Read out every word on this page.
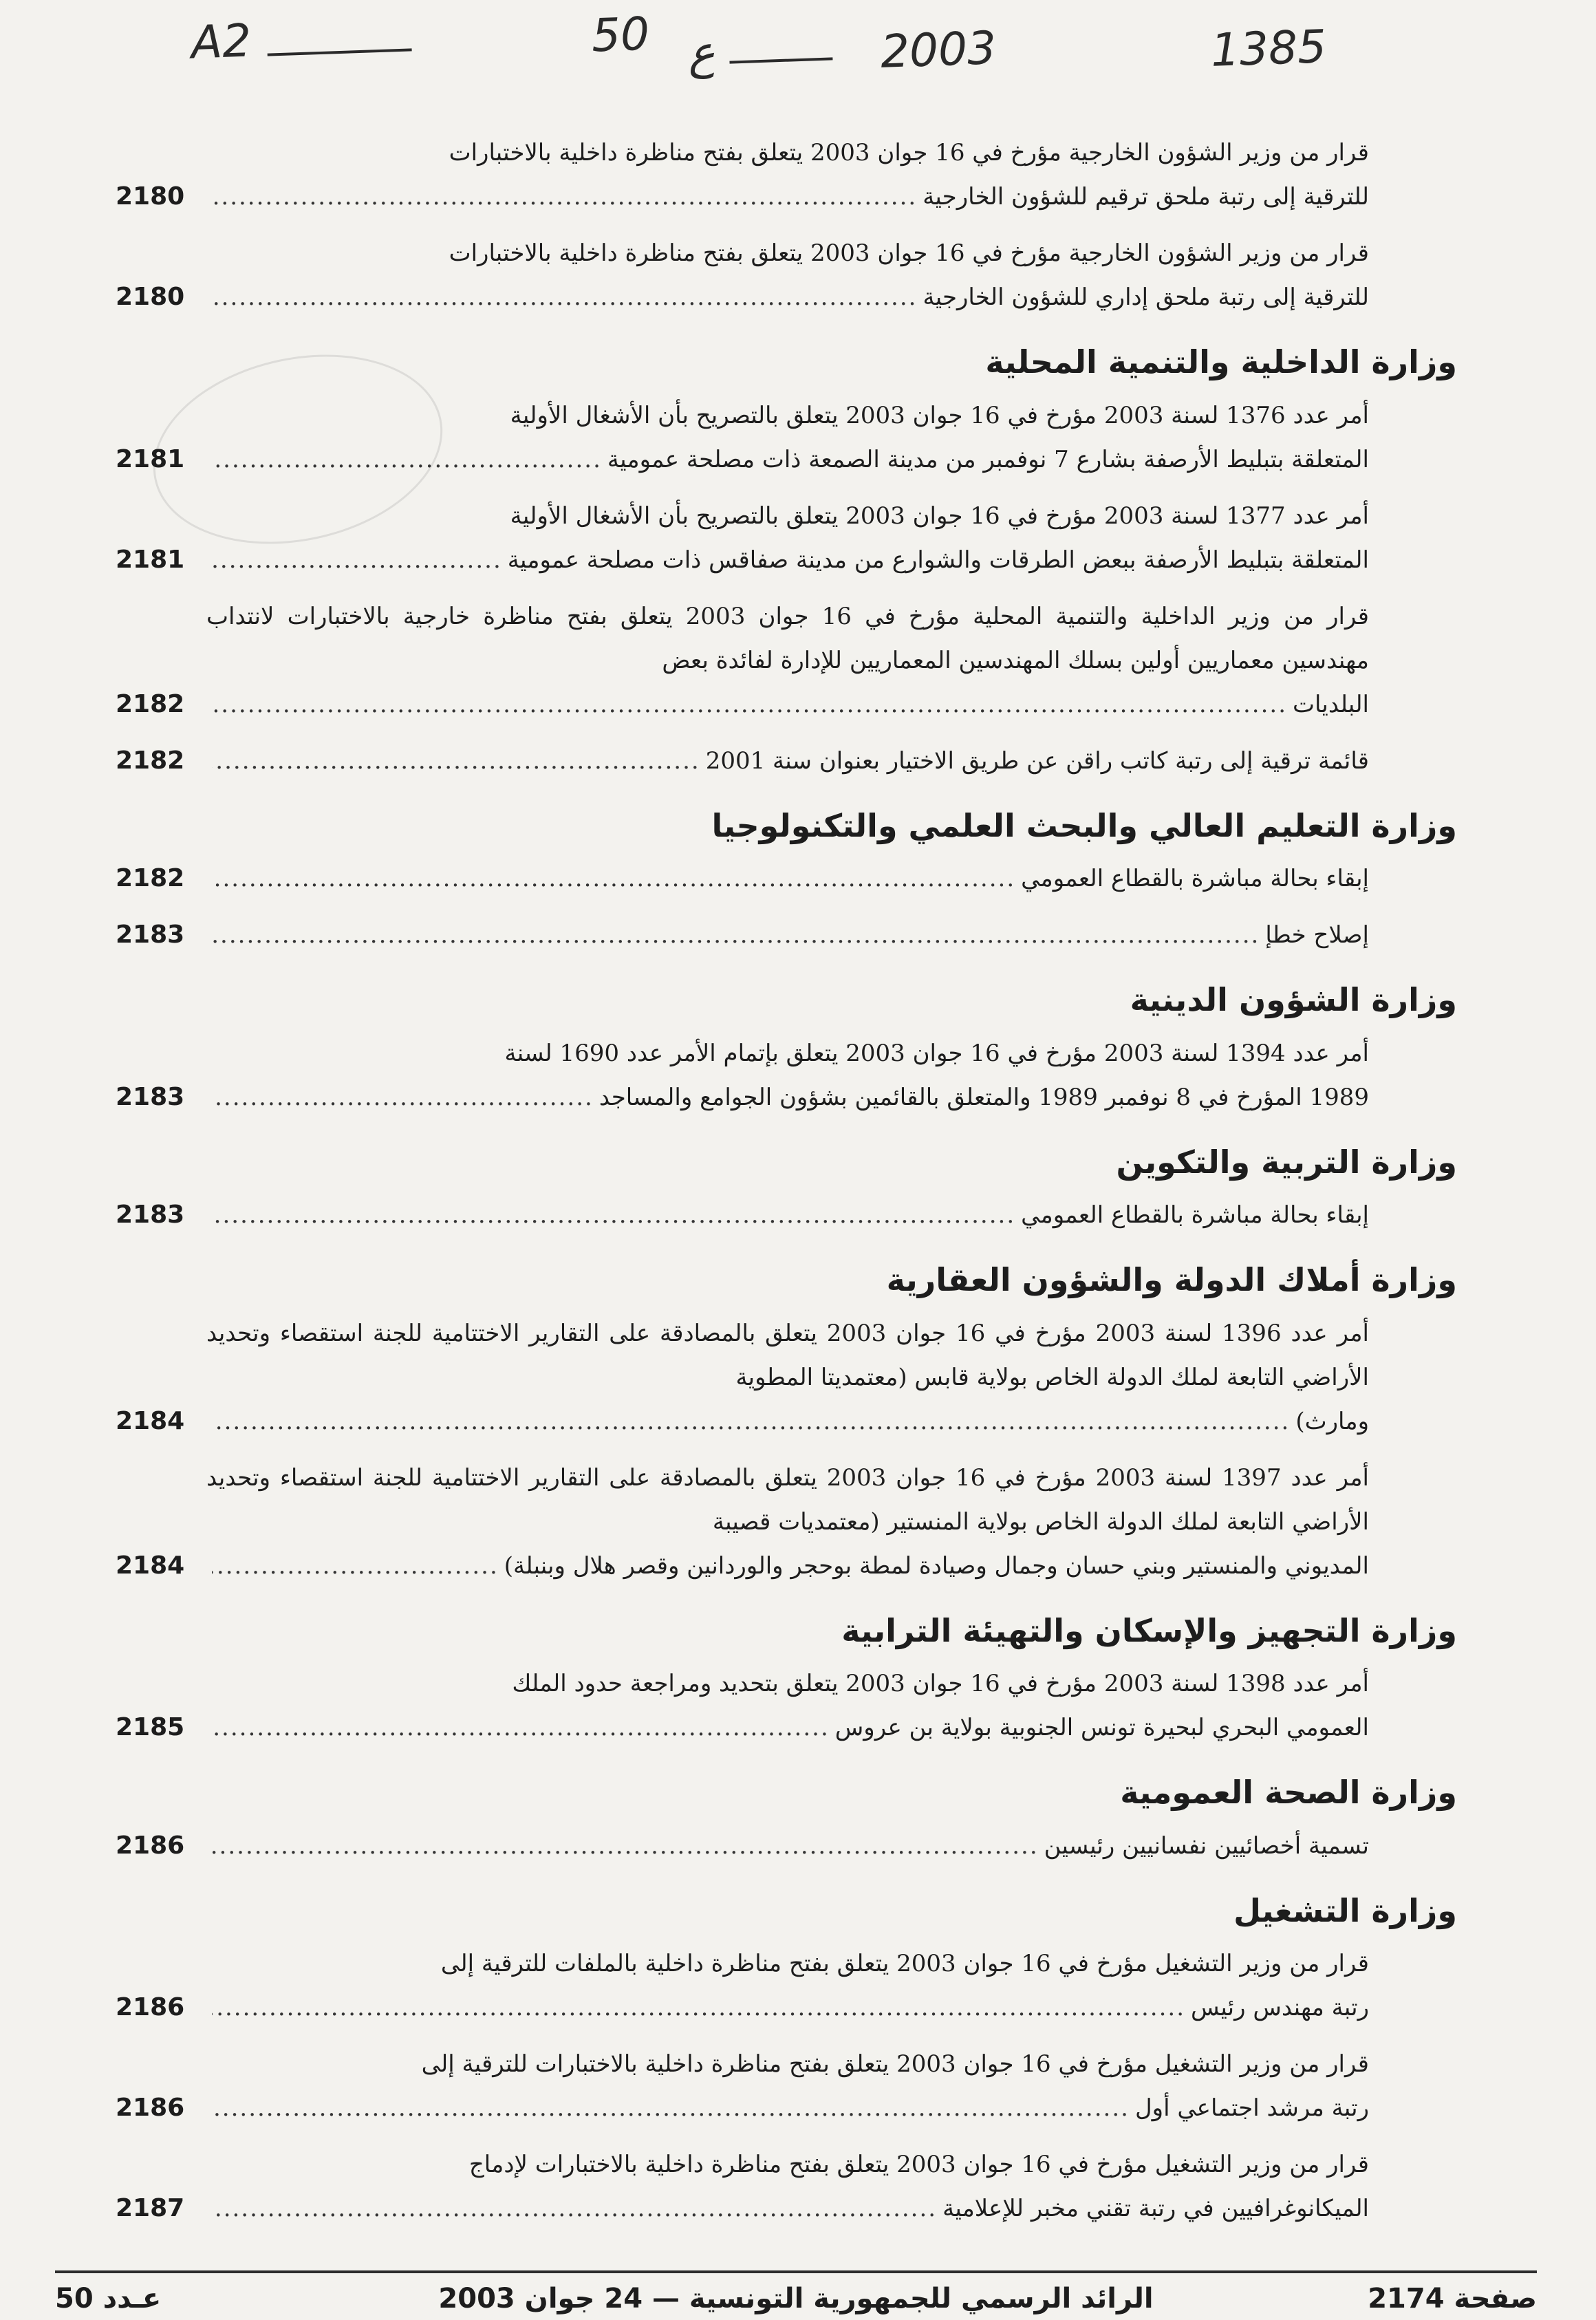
A2	50 ع	2003	1385
قرار من وزير الشؤون الخارجية مؤرخ في 16 جوان 2003 يتعلق بفتح مناظرة داخلية بالاختبارات
للترقية إلى رتبة ملحق ترقيم للشؤون الخارجية
.....
2180
قرار من وزير الشؤون الخارجية مؤرخ في 16 جوان 2003 يتعلق بفتح مناظرة داخلية بالاختبارات
للترقية إلى رتبة ملحق إداري للشؤون الخارجية
.....
2180
وزارة الداخلية والتنمية المحلية
أمر عدد 1376 لسنة 2003 مؤرخ في 16 جوان 2003 يتعلق بالتصريح بأن الأشغال الأولية
المتعلقة بتبليط الأرصفة بشارع 7 نوفمبر من مدينة الصمعة ذات مصلحة عمومية
.....
2181
أمر عدد 1377 لسنة 2003 مؤرخ في 16 جوان 2003 يتعلق بالتصريح بأن الأشغال الأولية
المتعلقة بتبليط الأرصفة ببعض الطرقات والشوارع من مدينة صفاقس ذات مصلحة عمومية
.....
2181
قرار من وزير الداخلية والتنمية المحلية مؤرخ في 16 جوان 2003 يتعلق بفتح مناظرة خارجية بالاختبارات لانتداب مهندسين معماريين أولين بسلك المهندسين المعماريين للإدارة لفائدة بعض
البلديات
.....
2182
قائمة ترقية إلى رتبة كاتب راقن عن طريق الاختيار بعنوان سنة 2001
.....
2182
وزارة التعليم العالي والبحث العلمي والتكنولوجيا
إبقاء بحالة مباشرة بالقطاع العمومي
.....
2182
إصلاح خطإ
.....
2183
وزارة الشؤون الدينية
أمر عدد 1394 لسنة 2003 مؤرخ في 16 جوان 2003 يتعلق بإتمام الأمر عدد 1690 لسنة
1989 المؤرخ في 8 نوفمبر 1989 والمتعلق بالقائمين بشؤون الجوامع والمساجد
.....
2183
وزارة التربية والتكوين
إبقاء بحالة مباشرة بالقطاع العمومي
.....
2183
وزارة أملاك الدولة والشؤون العقارية
أمر عدد 1396 لسنة 2003 مؤرخ في 16 جوان 2003 يتعلق بالمصادقة على التقارير الاختتامية للجنة استقصاء وتحديد الأراضي التابعة لملك الدولة الخاص بولاية قابس (معتمديتا المطوية
ومارث)
.....
2184
أمر عدد 1397 لسنة 2003 مؤرخ في 16 جوان 2003 يتعلق بالمصادقة على التقارير الاختتامية للجنة استقصاء وتحديد الأراضي التابعة لملك الدولة الخاص بولاية المنستير (معتمديات قصيبة
المديوني والمنستير وبني حسان وجمال وصيادة لمطة بوحجر والوردانين وقصر هلال وبنبلة)
.....
2184
وزارة التجهيز والإسكان والتهيئة الترابية
أمر عدد 1398 لسنة 2003 مؤرخ في 16 جوان 2003 يتعلق بتحديد ومراجعة حدود الملك
العمومي البحري لبحيرة تونس الجنوبية بولاية بن عروس
.....
2185
وزارة الصحة العمومية
تسمية أخصائيين نفسانيين رئيسين
.....
2186
وزارة التشغيل
قرار من وزير التشغيل مؤرخ في 16 جوان 2003 يتعلق بفتح مناظرة داخلية بالملفات للترقية إلى
رتبة مهندس رئيس
.....
2186
قرار من وزير التشغيل مؤرخ في 16 جوان 2003 يتعلق بفتح مناظرة داخلية بالاختبارات للترقية إلى
رتبة مرشد اجتماعي أول
.....
2186
قرار من وزير التشغيل مؤرخ في 16 جوان 2003 يتعلق بفتح مناظرة داخلية بالاختبارات لإدماج
الميكانوغرافيين في رتبة تقني مخبر للإعلامية
.....
2187
صفحة 2174
الرائد الرسمي للجمهورية التونسية — 24 جوان 2003
عـدد 50
